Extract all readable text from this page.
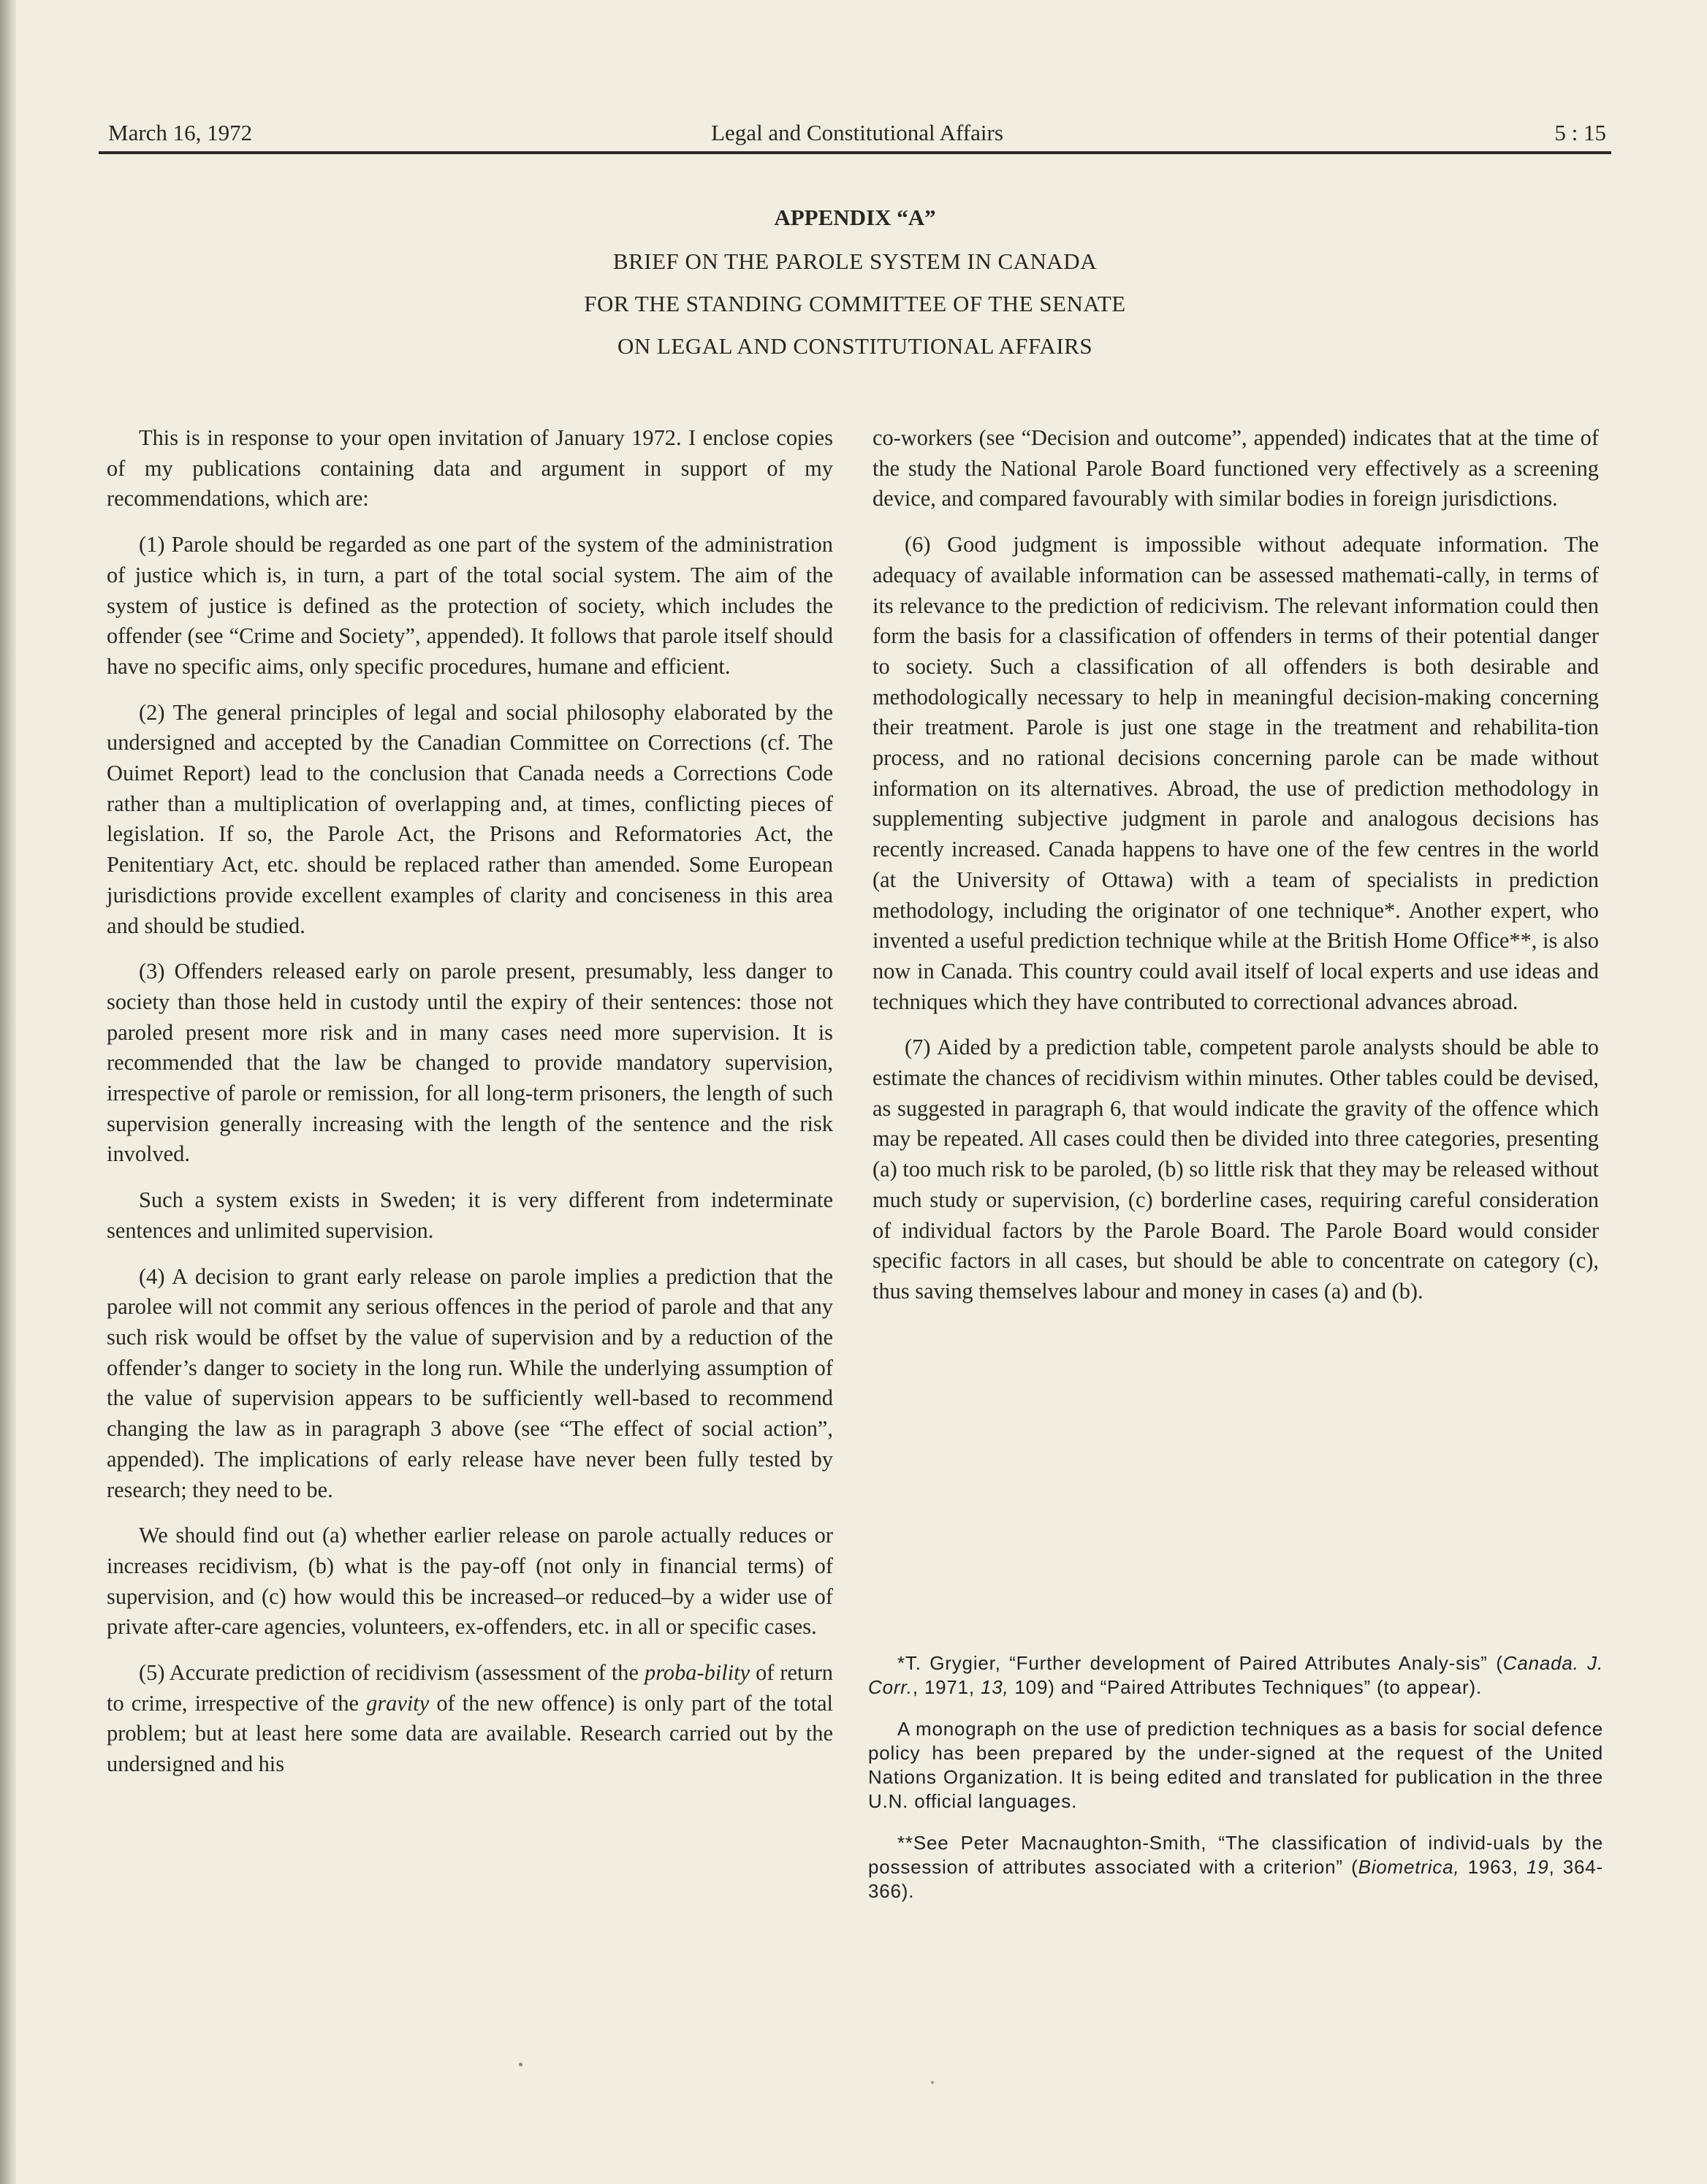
March 16, 1972	Legal and Constitutional Affairs	5 : 15
APPENDIX “A”
BRIEF ON THE PAROLE SYSTEM IN CANADA
FOR THE STANDING COMMITTEE OF THE SENATE
ON LEGAL AND CONSTITUTIONAL AFFAIRS

This is in response to your open invitation of January 1972. I enclose copies of my publications containing data and argument in support of my recommendations, which are:

(1) Parole should be regarded as one part of the system of the administration of justice which is, in turn, a part of the total social system. The aim of the system of justice is defined as the protection of society, which includes the offender (see “Crime and Society”, appended). It follows that parole itself should have no specific aims, only specific procedures, humane and efficient.

(2) The general principles of legal and social philosophy elaborated by the undersigned and accepted by the Canadian Committee on Corrections (cf. The Ouimet Report) lead to the conclusion that Canada needs a Corrections Code rather than a multiplication of overlapping and, at times, conflicting pieces of legislation. If so, the Parole Act, the Prisons and Reformatories Act, the Penitentiary Act, etc. should be replaced rather than amended. Some European jurisdictions provide excellent examples of clarity and conciseness in this area and should be studied.

(3) Offenders released early on parole present, presumably, less danger to society than those held in custody until the expiry of their sentences: those not paroled present more risk and in many cases need more supervision. It is recommended that the law be changed to provide mandatory supervision, irrespective of parole or remission, for all long-term prisoners, the length of such supervision generally increasing with the length of the sentence and the risk involved.

Such a system exists in Sweden; it is very different from indeterminate sentences and unlimited supervision.

(4) A decision to grant early release on parole implies a prediction that the parolee will not commit any serious offences in the period of parole and that any such risk would be offset by the value of supervision and by a reduction of the offender’s danger to society in the long run. While the underlying assumption of the value of supervision appears to be sufficiently well-based to recommend changing the law as in paragraph 3 above (see “The effect of social action”, appended). The implications of early release have never been fully tested by research; they need to be.

We should find out (a) whether earlier release on parole actually reduces or increases recidivism, (b) what is the pay-off (not only in financial terms) of supervision, and (c) how would this be increased–or reduced–by a wider use of private after-care agencies, volunteers, ex-offenders, etc. in all or specific cases.

(5) Accurate prediction of recidivism (assessment of the proba-bility of return to crime, irrespective of the gravity of the new offence) is only part of the total problem; but at least here some data are available. Research carried out by the undersigned and his

co-workers (see “Decision and outcome”, appended) indicates that at the time of the study the National Parole Board functioned very effectively as a screening device, and compared favourably with similar bodies in foreign jurisdictions.

(6) Good judgment is impossible without adequate information. The adequacy of available information can be assessed mathemati-cally, in terms of its relevance to the prediction of redicivism. The relevant information could then form the basis for a classification of offenders in terms of their potential danger to society. Such a classification of all offenders is both desirable and methodologically necessary to help in meaningful decision-making concerning their treatment. Parole is just one stage in the treatment and rehabilita-tion process, and no rational decisions concerning parole can be made without information on its alternatives. Abroad, the use of prediction methodology in supplementing subjective judgment in parole and analogous decisions has recently increased. Canada happens to have one of the few centres in the world (at the University of Ottawa) with a team of specialists in prediction methodology, including the originator of one technique*. Another expert, who invented a useful prediction technique while at the British Home Office**, is also now in Canada. This country could avail itself of local experts and use ideas and techniques which they have contributed to correctional advances abroad.

(7) Aided by a prediction table, competent parole analysts should be able to estimate the chances of recidivism within minutes. Other tables could be devised, as suggested in paragraph 6, that would indicate the gravity of the offence which may be repeated. All cases could then be divided into three categories, presenting (a) too much risk to be paroled, (b) so little risk that they may be released without much study or supervision, (c) borderline cases, requiring careful consideration of individual factors by the Parole Board. The Parole Board would consider specific factors in all cases, but should be able to concentrate on category (c), thus saving themselves labour and money in cases (a) and (b).

*T. Grygier, “Further development of Paired Attributes Analy-sis” (Canada. J. Corr., 1971, 13, 109) and “Paired Attributes Techniques” (to appear).

A monograph on the use of prediction techniques as a basis for social defence policy has been prepared by the under-signed at the request of the United Nations Organization. It is being edited and translated for publication in the three U.N. official languages.

**See Peter Macnaughton-Smith, “The classification of individ-uals by the possession of attributes associated with a criterion” (Biometrica, 1963, 19, 364-366).
